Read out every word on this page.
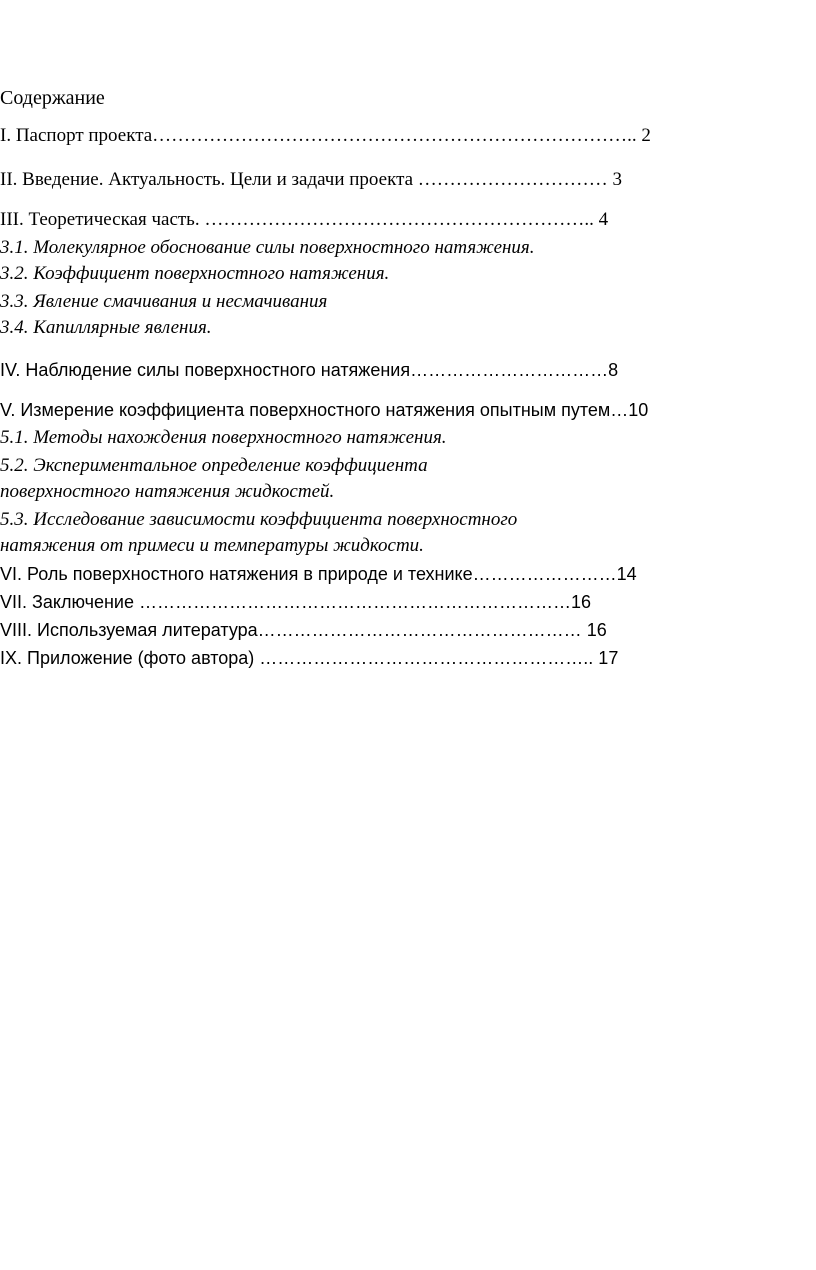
Содержание
I. Паспорт проекта………………………………………………………………….. 2
II. Введение. Актуальность. Цели и задачи проекта ………………………… 3
III. Теоретическая часть. …………………………………………………….. 4
3.1. Молекулярное обоснование силы поверхностного натяжения.
3.2. Коэффициент поверхностного натяжения.
3.3. Явление смачивания и несмачивания
3.4. Капиллярные явления.
IV. Наблюдение силы поверхностного натяжения……………………………8
V. Измерение коэффициента поверхностного натяжения опытным путем…10
5.1. Методы нахождения поверхностного натяжения.
5.2. Экспериментальное определение коэффициента
поверхностного натяжения жидкостей.
5.3. Исследование зависимости коэффициента поверхностного
натяжения от примеси и температуры жидкости.
VI. Роль поверхностного натяжения в природе и технике……………………14
VII. Заключение ………………………………………………………………16
VIII. Используемая литература……………………………………………… 16
IX. Приложение (фото автора) ……………………………………………….. 17
